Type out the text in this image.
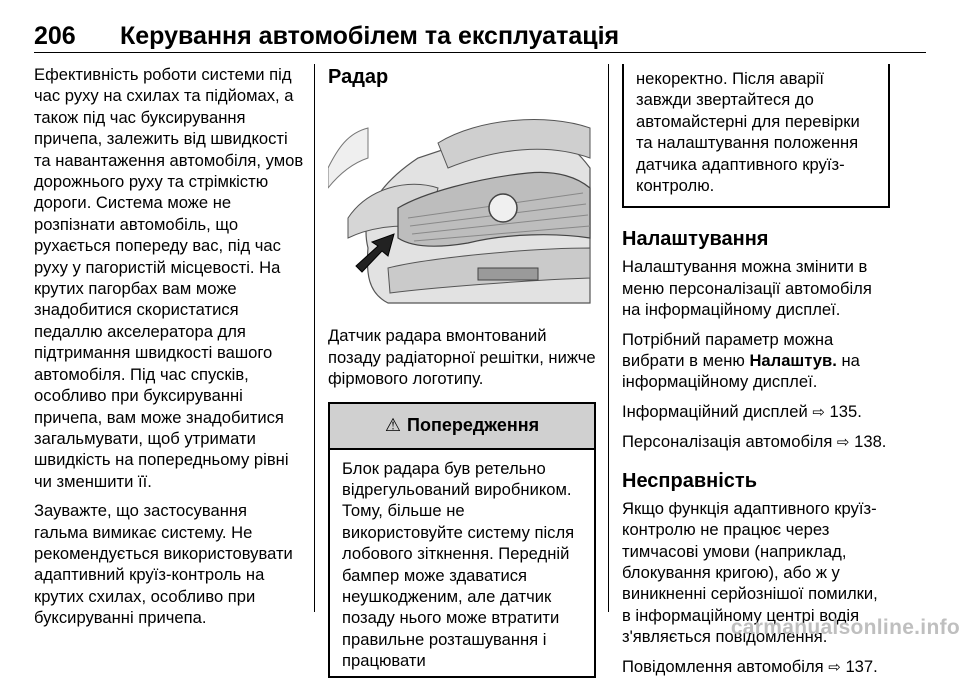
206 Керування автомобілем та експлуатація

Ефективність роботи системи під час руху на схилах та підйомах, а також під час буксирування причепа, залежить від швидкості та навантаження автомобіля, умов дорожнього руху та стрімкістю дороги. Система може не розпізнати автомобіль, що рухається попереду вас, під час руху у пагористій місцевості. На крутих пагорбах вам може знадобитися скористатися педаллю акселератора для підтримання швидкості вашого автомобіля. Під час спусків, особливо при буксируванні причепа, вам може знадобитися загальмувати, щоб утримати швидкість на попередньому рівні чи зменшити її.

Зауважте, що застосування гальма вимикає систему. Не рекомендується використовувати адаптивний круїз-контроль на крутих схилах, особливо при буксируванні причепа.

Радар

Датчик радара вмонтований позаду радіаторної решітки, нижче фірмового логотипу.

⚠ Попередження
Блок радара був ретельно відрегульований виробником. Тому, більше не використовуйте систему після лобового зіткнення. Передній бампер може здаватися неушкодженим, але датчик позаду нього може втратити правильне розташування і працювати
некоректно. Після аварії завжди звертайтеся до автомайстерні для перевірки та налаштування положення датчика адаптивного круїз-контролю.
Налаштування

Налаштування можна змінити в меню персоналізації автомобіля на інформаційному дисплеї.

Потрібний параметр можна вибрати в меню Налаштув. на інформаційному дисплеї.

Інформаційний дисплей ⇨ 135.

Персоналізація автомобіля ⇨ 138.

Несправність

Якщо функція адаптивного круїз-контролю не працює через тимчасові умови (наприклад, блокування кригою), або ж у виникненні серйознішої помилки, в інформаційному центрі водія з'являється повідомлення.

Повідомлення автомобіля ⇨ 137.

carmanualsonline.info
